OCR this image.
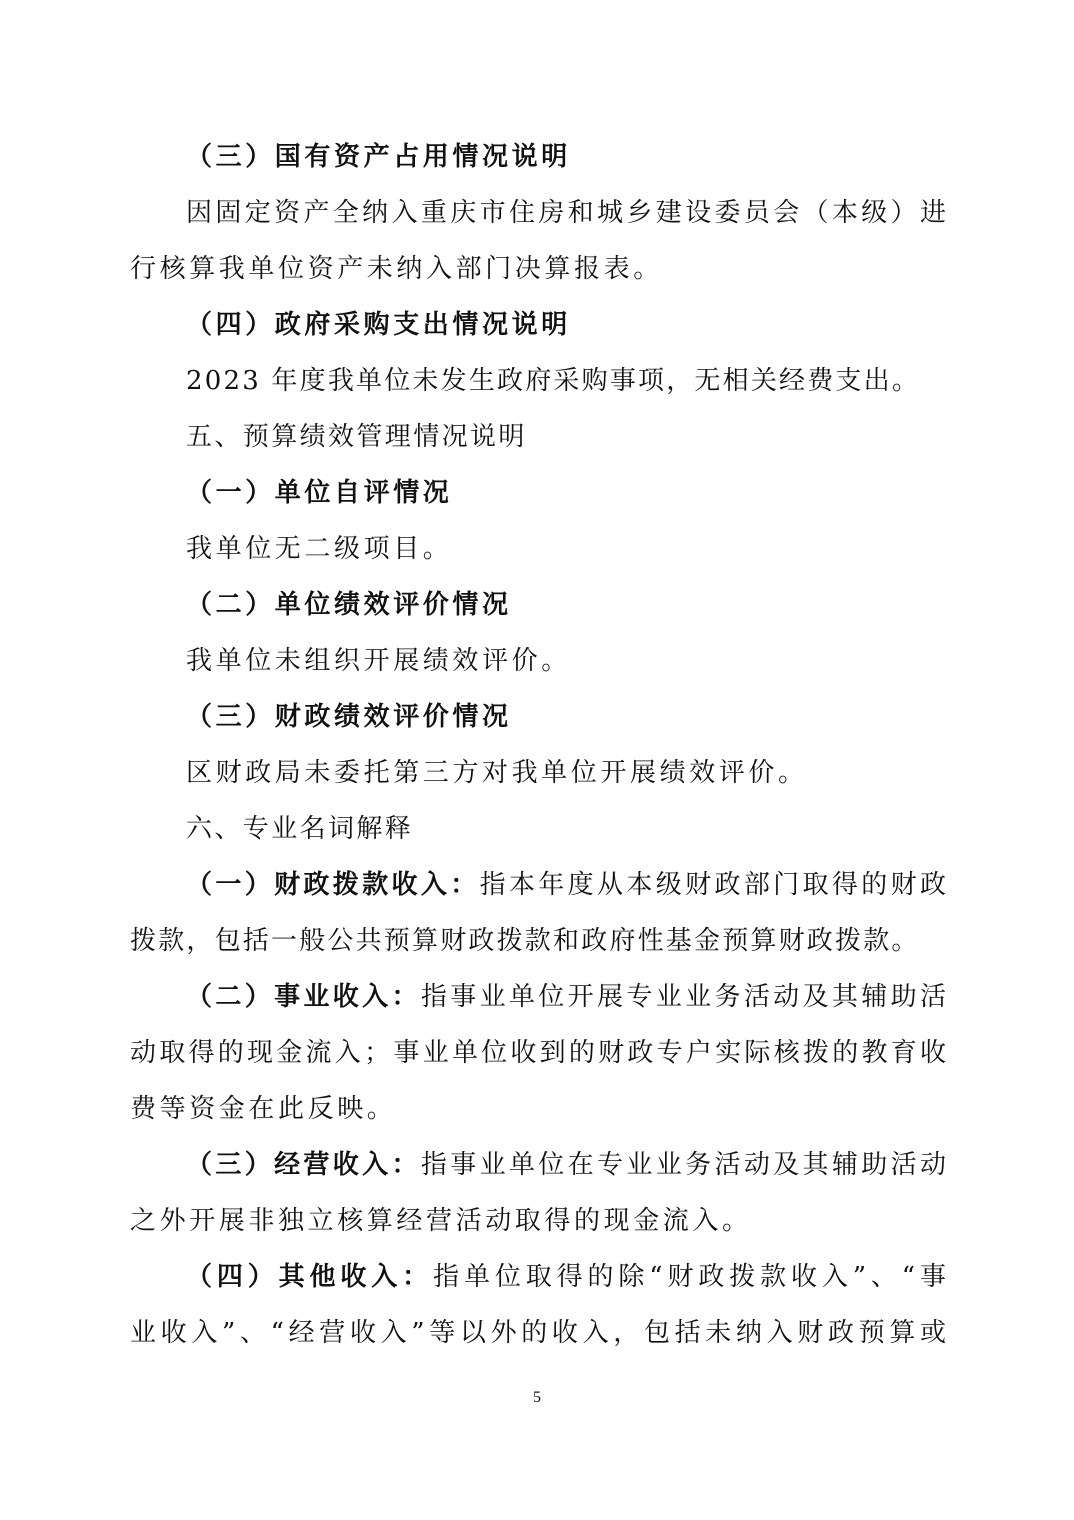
（三）国有资产占用情况说明
因固定资产全纳入重庆市住房和城乡建设委员会（本级）进
行核算我单位资产未纳入部门决算报表。
（四）政府采购支出情况说明
2023 年度我单位未发生政府采购事项，无相关经费支出。
五、预算绩效管理情况说明
（一）单位自评情况
我单位无二级项目。
（二）单位绩效评价情况
我单位未组织开展绩效评价。
（三）财政绩效评价情况
区财政局未委托第三方对我单位开展绩效评价。
六、专业名词解释
（一）财政拨款收入：指本年度从本级财政部门取得的财政
拨款，包括一般公共预算财政拨款和政府性基金预算财政拨款。
（二）事业收入：指事业单位开展专业业务活动及其辅助活
动取得的现金流入；事业单位收到的财政专户实际核拨的教育收
费等资金在此反映。
（三）经营收入：指事业单位在专业业务活动及其辅助活动
之外开展非独立核算经营活动取得的现金流入。
（四）其他收入：指单位取得的除“财政拨款收入”、“事
业收入”、“经营收入”等以外的收入，包括未纳入财政预算或
5
